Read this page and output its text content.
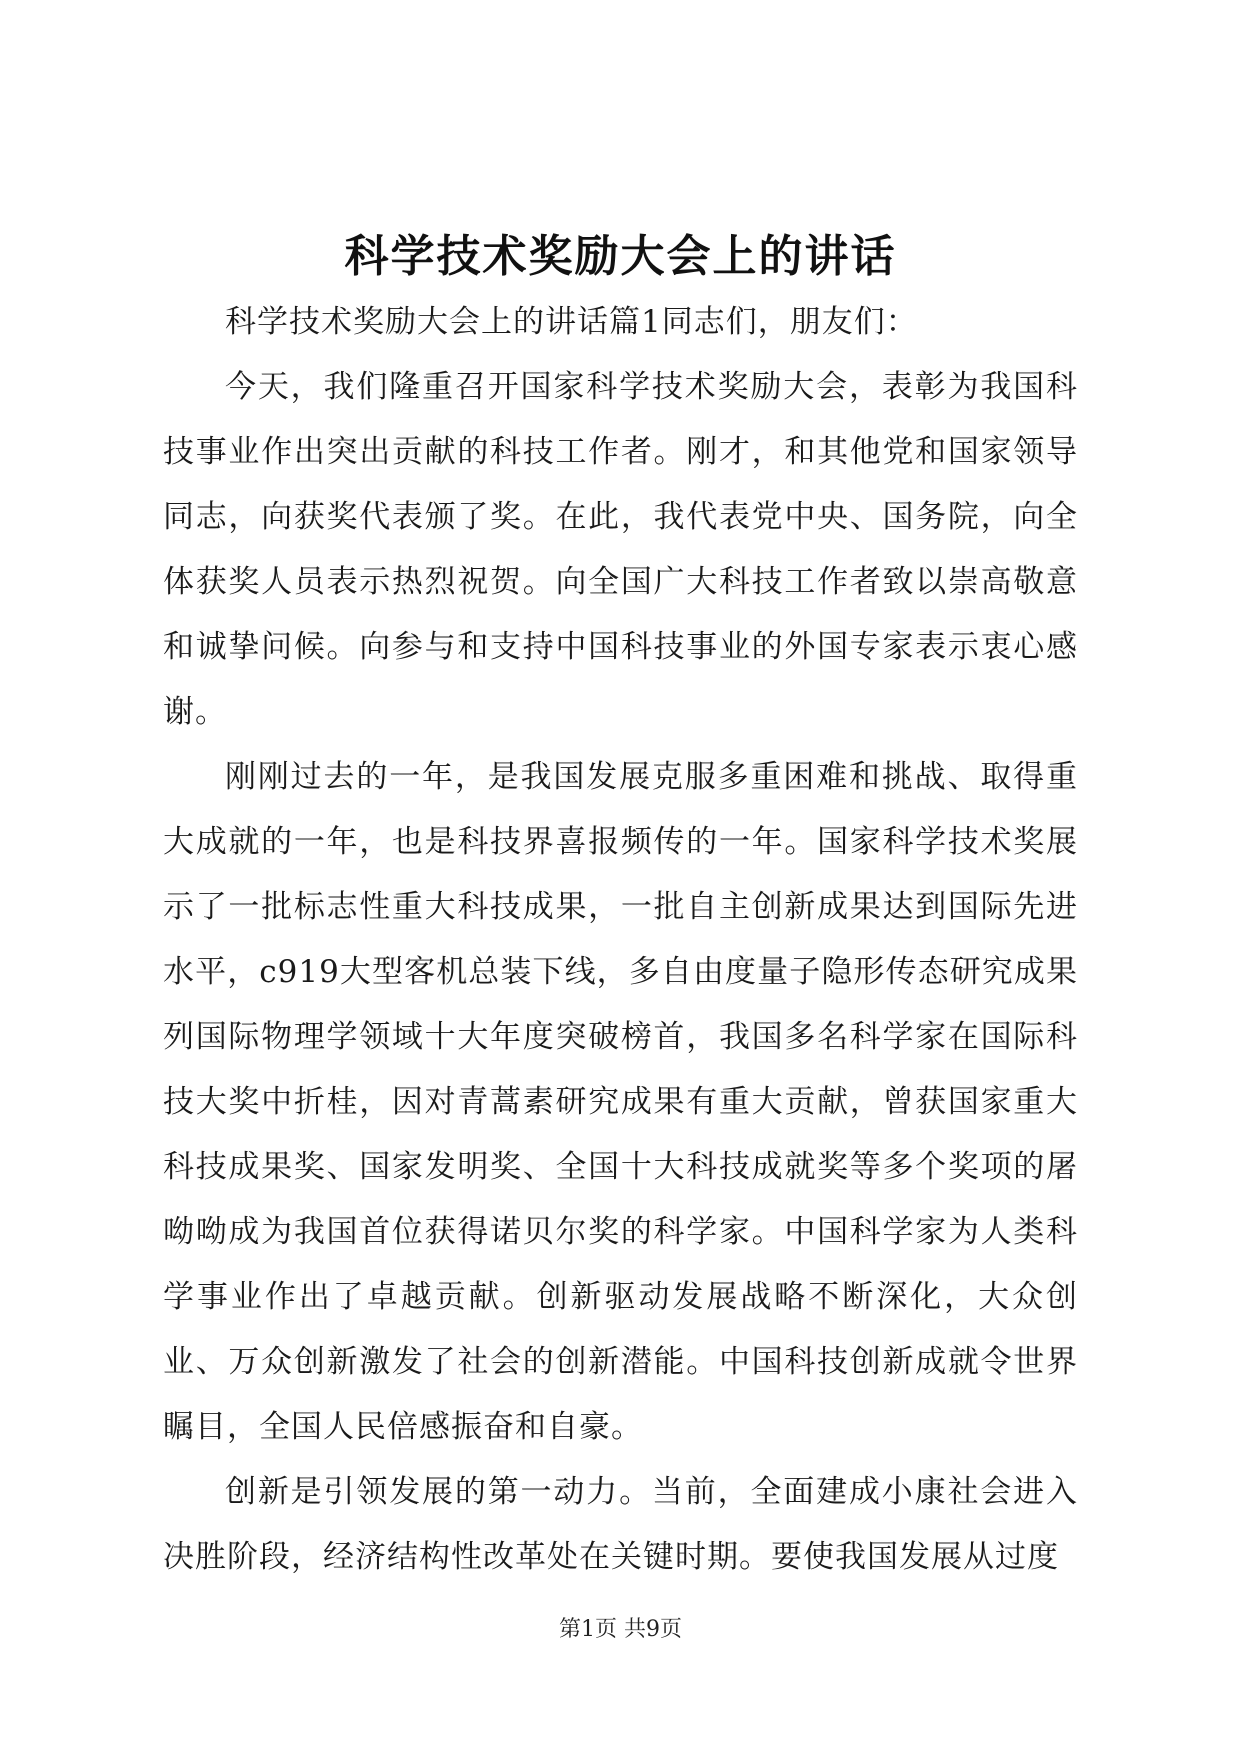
科学技术奖励大会上的讲话

科学技术奖励大会上的讲话篇1同志们，朋友们：

今天，我们隆重召开国家科学技术奖励大会，表彰为我国科技事业作出突出贡献的科技工作者。刚才，和其他党和国家领导同志，向获奖代表颁了奖。在此，我代表党中央、国务院，向全体获奖人员表示热烈祝贺。向全国广大科技工作者致以崇高敬意和诚挚问候。向参与和支持中国科技事业的外国专家表示衷心感谢。

刚刚过去的一年，是我国发展克服多重困难和挑战、取得重大成就的一年，也是科技界喜报频传的一年。国家科学技术奖展示了一批标志性重大科技成果，一批自主创新成果达到国际先进水平，c919大型客机总装下线，多自由度量子隐形传态研究成果列国际物理学领域十大年度突破榜首，我国多名科学家在国际科技大奖中折桂，因对青蒿素研究成果有重大贡献，曾获国家重大科技成果奖、国家发明奖、全国十大科技成就奖等多个奖项的屠呦呦成为我国首位获得诺贝尔奖的科学家。中国科学家为人类科学事业作出了卓越贡献。创新驱动发展战略不断深化，大众创业、万众创新激发了社会的创新潜能。中国科技创新成就令世界瞩目，全国人民倍感振奋和自豪。

创新是引领发展的第一动力。当前，全面建成小康社会进入决胜阶段，经济结构性改革处在关键时期。要使我国发展从过度

第1页 共9页
